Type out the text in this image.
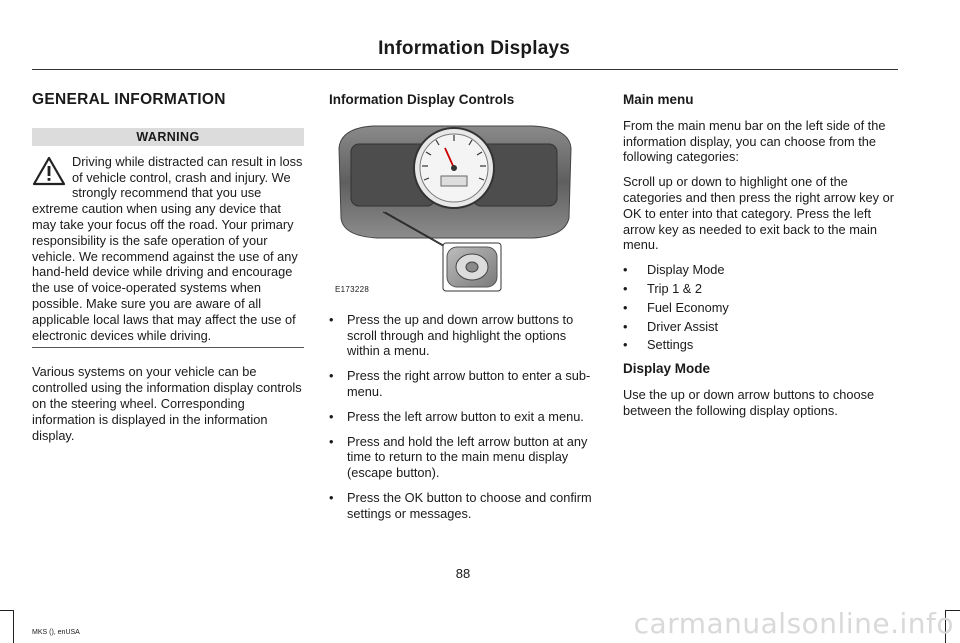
Information Displays
GENERAL INFORMATION
WARNING

Driving while distracted can result in loss of vehicle control, crash and injury. We strongly recommend that you use extreme caution when using any device that may take your focus off the road. Your primary responsibility is the safe operation of your vehicle. We recommend against the use of any hand-held device while driving and encourage the use of voice-operated systems when possible. Make sure you are aware of all applicable local laws that may affect the use of electronic devices while driving.

Various systems on your vehicle can be controlled using the information display controls on the steering wheel. Corresponding information is displayed in the information display.

Information Display Controls
E173228
• Press the up and down arrow buttons to scroll through and highlight the options within a menu.
• Press the right arrow button to enter a sub-menu.
• Press the left arrow button to exit a menu.
• Press and hold the left arrow button at any time to return to the main menu display (escape button).
• Press the OK button to choose and confirm settings or messages.
Main menu

From the main menu bar on the left side of the information display, you can choose from the following categories:

Scroll up or down to highlight one of the categories and then press the right arrow key or OK to enter into that category. Press the left arrow key as needed to exit back to the main menu.

• Display Mode
• Trip 1 & 2
• Fuel Economy
• Driver Assist
• Settings
Display Mode

Use the up or down arrow buttons to choose between the following display options.

88
MKS (), enUSA	carmanualsonline.info
